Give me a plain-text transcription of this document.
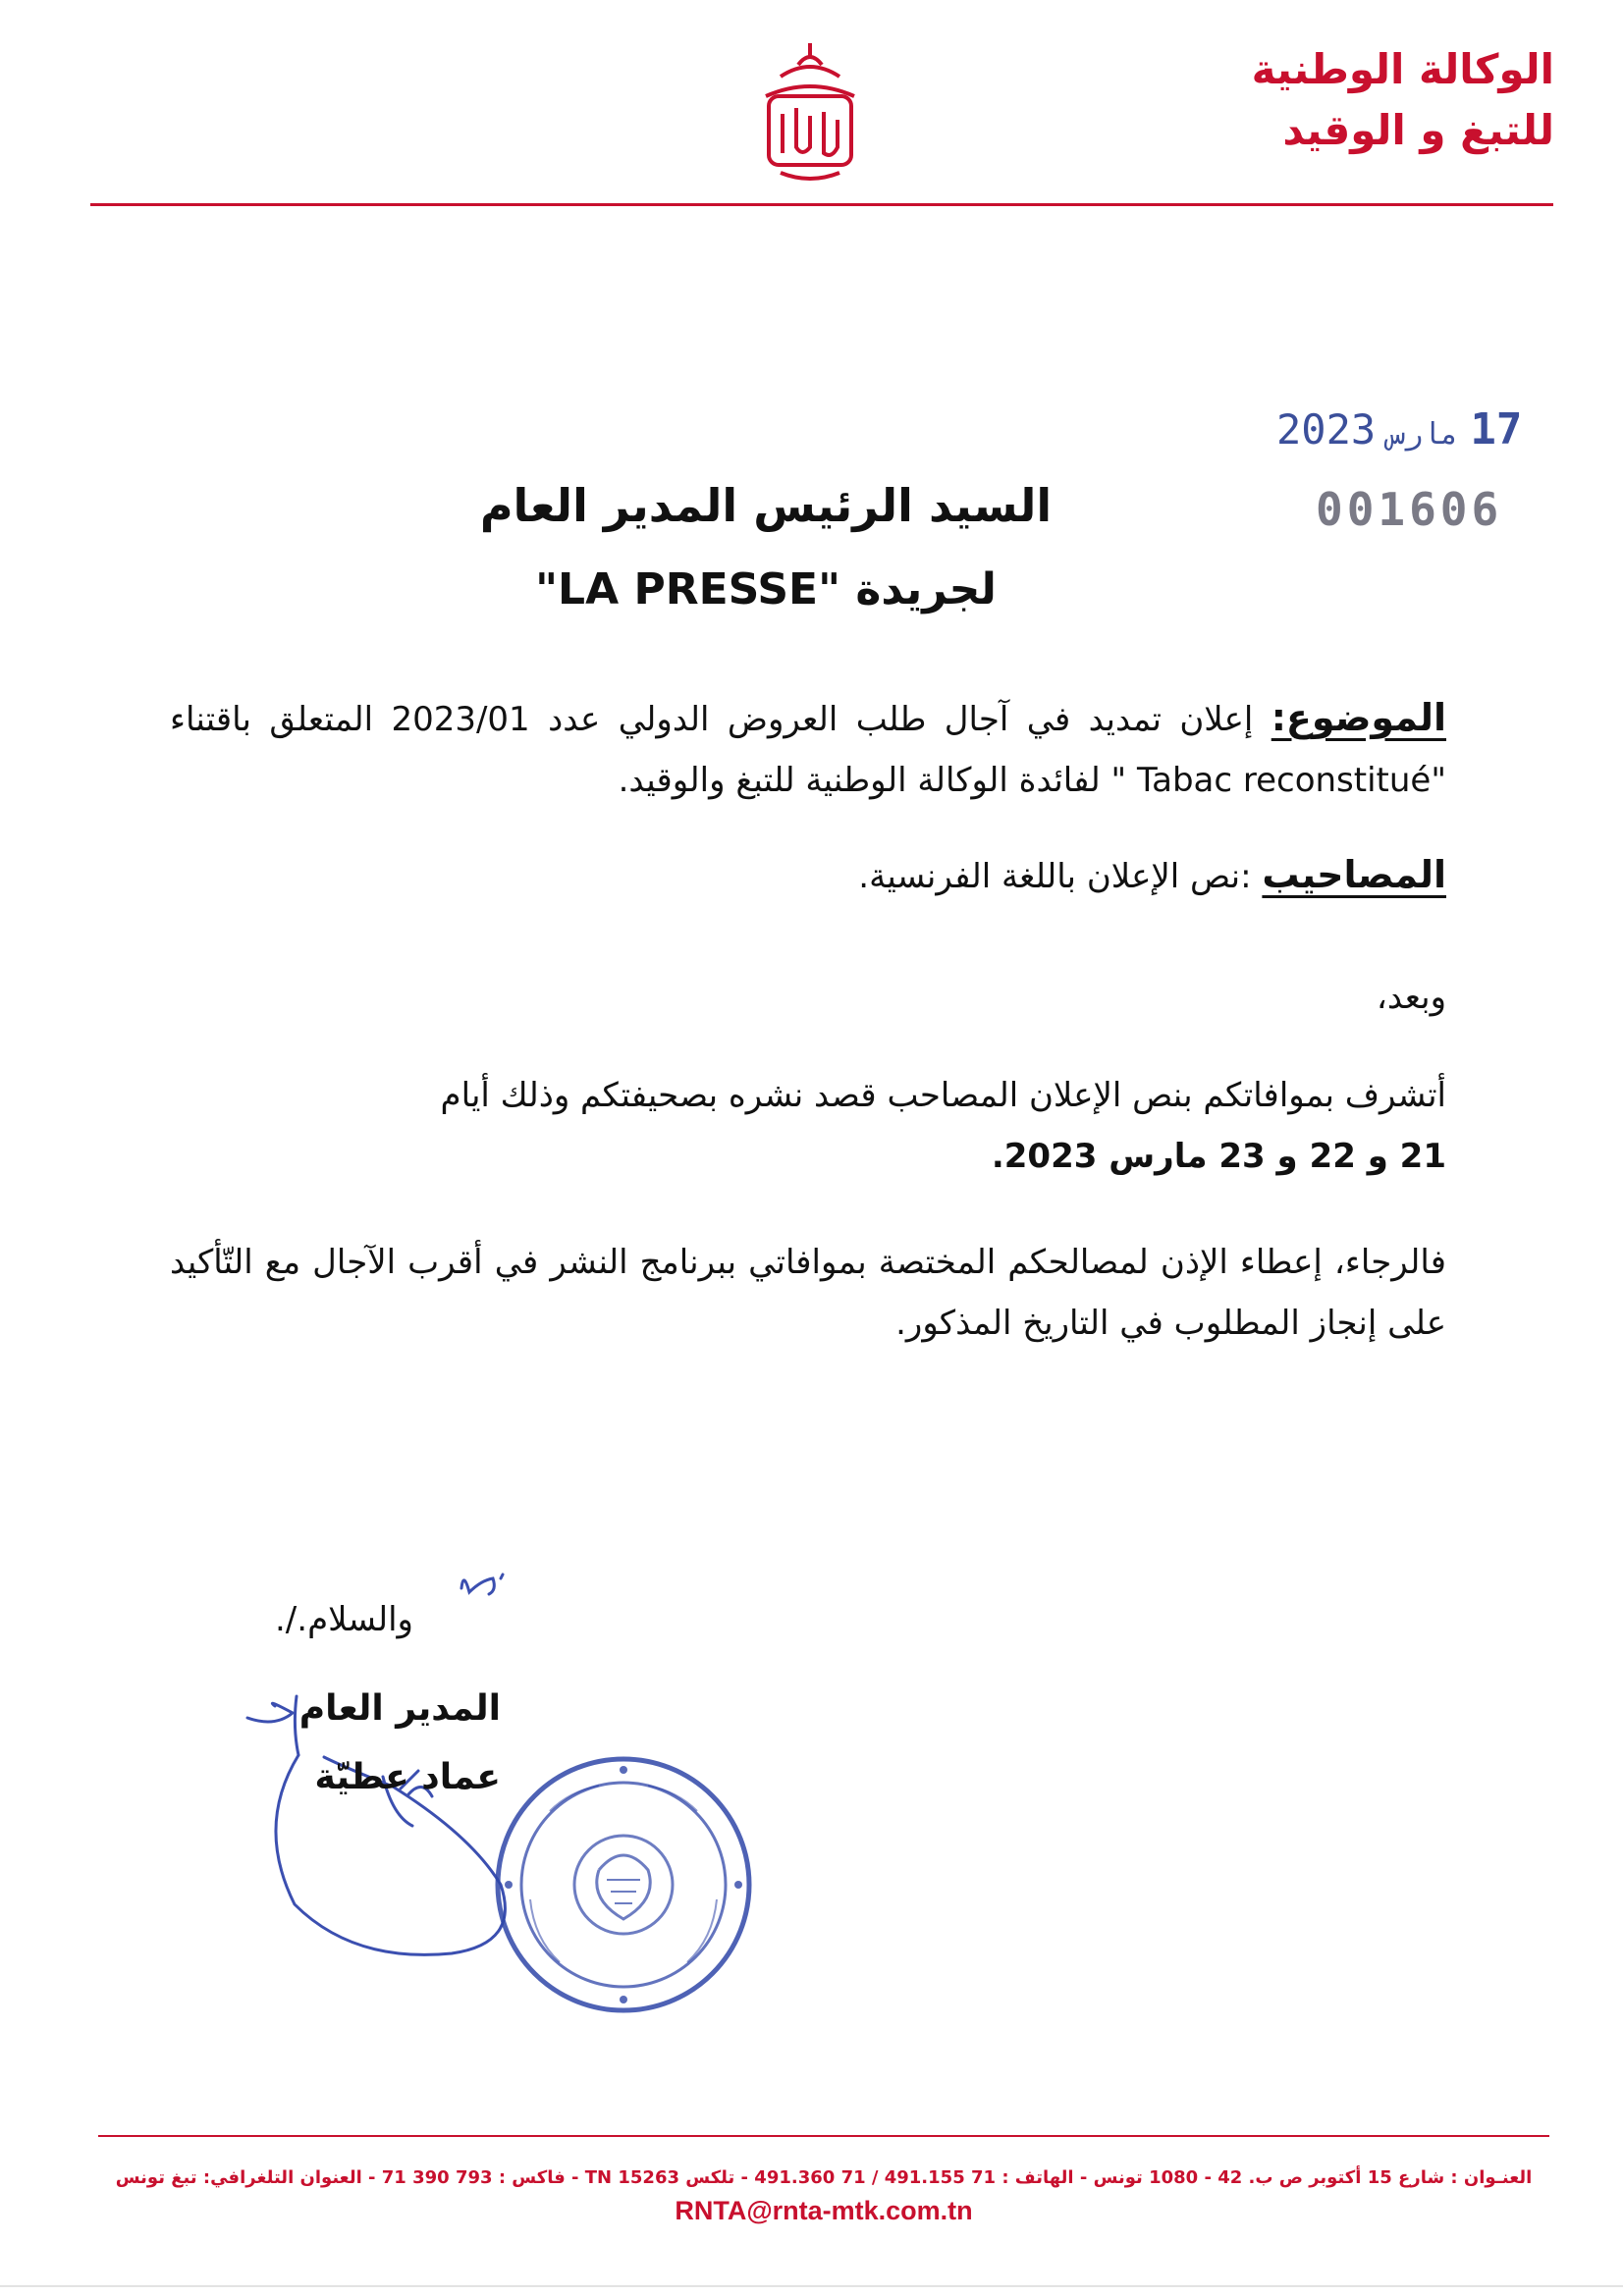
الوكالة الوطنية
للتبغ و الوقيد
2023 مارس 17
001606
السيد الرئيس المدير العام
لجريدة "LA PRESSE"
الموضوع: إعلان تمديد في آجال طلب العروض الدولي عدد 2023/01 المتعلق باقتناء "Tabac reconstitué " لفائدة الوكالة الوطنية للتبغ والوقيد.
المصاحيب :نص الإعلان باللغة الفرنسية.
وبعد،
أتشرف بموافاتكم بنص الإعلان المصاحب قصد نشره بصحيفتكم وذلك أيام
21 و 22 و 23 مارس 2023.
فالرجاء، إعطاء الإذن لمصالحكم المختصة بموافاتي ببرنامج النشر في أقرب الآجال مع التّأكيد على إنجاز المطلوب في التاريخ المذكور.
والسلام./.
المدير العام
عماد عطيّة
العنـوان : شارع 15 أكتوبر ص ب. 42 - 1080 تونس - الهاتف : 71 491.155 / 71 491.360 - تلكس 15263 TN - فاكس : 793 390 71 - العنوان التلغرافي: تبغ تونس
RNTA@rnta-mtk.com.tn
